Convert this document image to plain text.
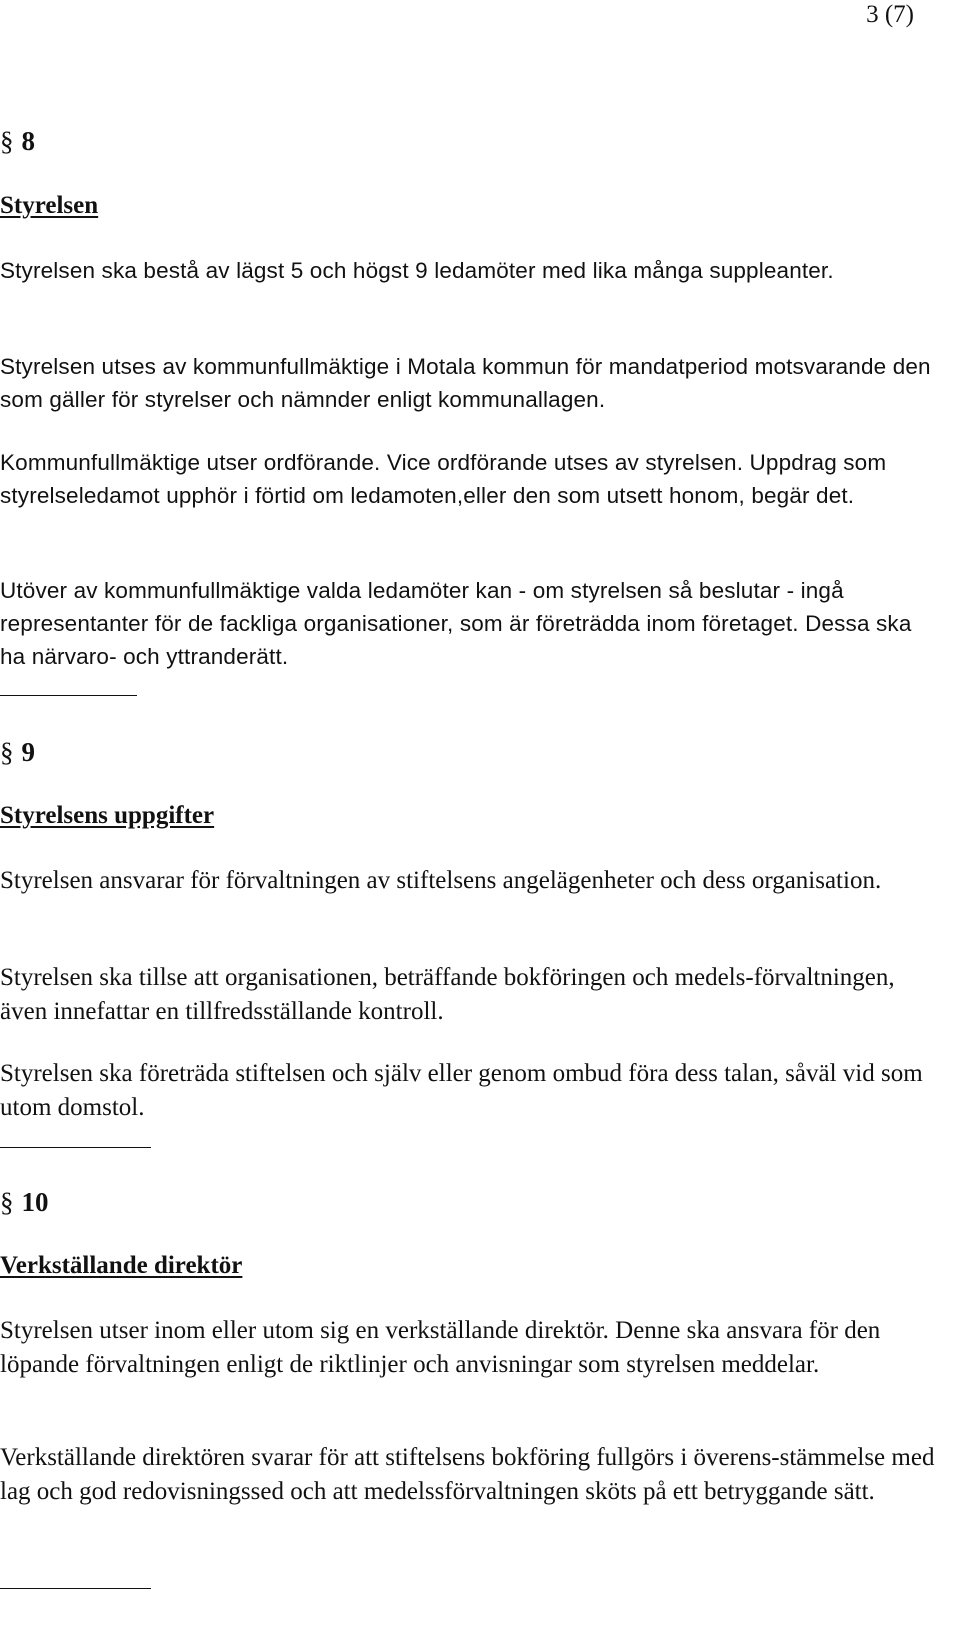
3 (7)
§ 8
Styrelsen

Styrelsen ska bestå av lägst 5 och högst 9 ledamöter med lika många suppleanter.

Styrelsen utses av kommunfullmäktige i Motala kommun för mandatperiod motsvarande den som gäller för styrelser och nämnder enligt kommunallagen.

Kommunfullmäktige utser ordförande. Vice ordförande utses av styrelsen. Uppdrag som styrelseledamot upphör i förtid om ledamoten,eller den som utsett honom, begär det.

Utöver av kommunfullmäktige valda ledamöter kan - om styrelsen så beslutar - ingå representanter för de fackliga organisationer, som är företrädda inom företaget. Dessa ska ha närvaro- och yttranderätt.

§ 9
Styrelsens uppgifter

Styrelsen ansvarar för förvaltningen av stiftelsens angelägenheter och dess organisation.

Styrelsen ska tillse att organisationen, beträffande bokföringen och medels-förvaltningen, även innefattar en tillfredsställande kontroll.

Styrelsen ska företräda stiftelsen och själv eller genom ombud föra dess talan, såväl vid som utom domstol.

§ 10
Verkställande direktör

Styrelsen utser inom eller utom sig en verkställande direktör. Denne ska ansvara för den löpande förvaltningen enligt de riktlinjer och anvisningar som styrelsen meddelar.

Verkställande direktören svarar för att stiftelsens bokföring fullgörs i överens-stämmelse med lag och god redovisningssed och att medelssförvaltningen sköts på ett betryggande sätt.
